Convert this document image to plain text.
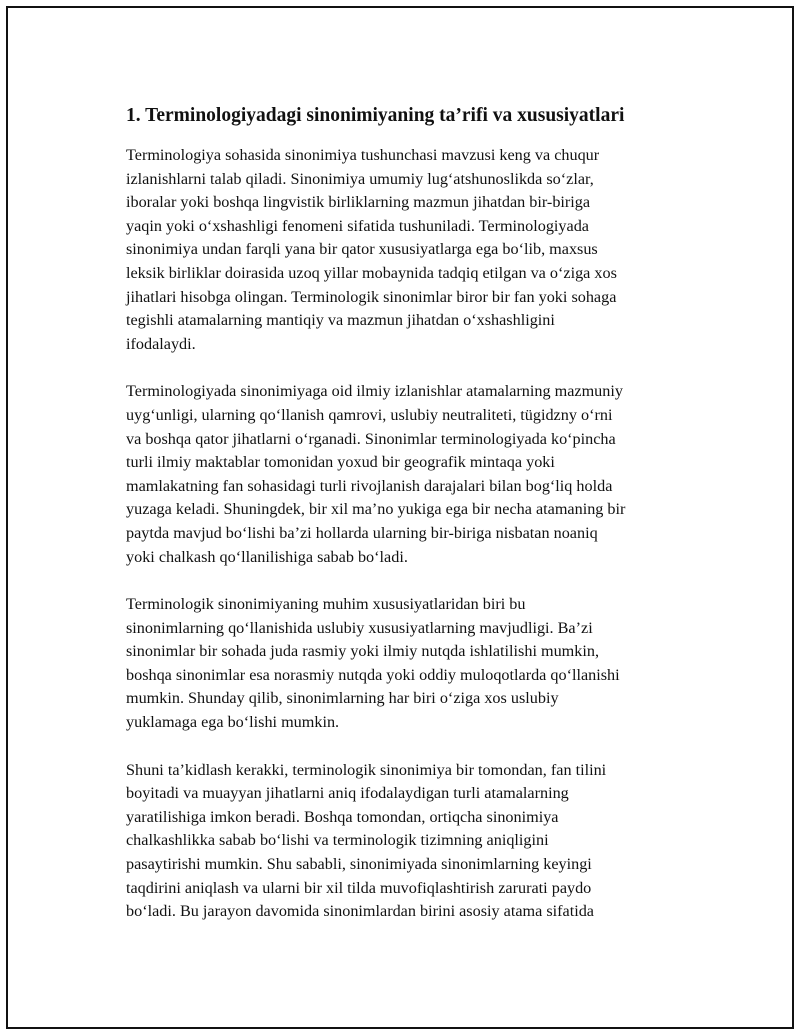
1. Terminologiyadagi sinonimiyaning ta’rifi va xususiyatlari

Terminologiya sohasida sinonimiya tushunchasi mavzusi keng va chuqur
izlanishlarni talab qiladi. Sinonimiya umumiy lug‘atshunoslikda so‘zlar,
iboralar yoki boshqa lingvistik birliklarning mazmun jihatdan bir-biriga
yaqin yoki o‘xshashligi fenomeni sifatida tushuniladi. Terminologiyada
sinonimiya undan farqli yana bir qator xususiyatlarga ega bo‘lib, maxsus
leksik birliklar doirasida uzoq yillar mobaynida tadqiq etilgan va o‘ziga xos
jihatlari hisobga olingan. Terminologik sinonimlar biror bir fan yoki sohaga
tegishli atamalarning mantiqiy va mazmun jihatdan o‘xshashligini
ifodalaydi.

Terminologiyada sinonimiyaga oid ilmiy izlanishlar atamalarning mazmuniy
uyg‘unligi, ularning qo‘llanish qamrovi, uslubiy neutraliteti, tügidzny o‘rni
va boshqa qator jihatlarni o‘rganadi. Sinonimlar terminologiyada ko‘pincha
turli ilmiy maktablar tomonidan yoxud bir geografik mintaqa yoki
mamlakatning fan sohasidagi turli rivojlanish darajalari bilan bog‘liq holda
yuzaga keladi. Shuningdek, bir xil ma’no yukiga ega bir necha atamaning bir
paytda mavjud bo‘lishi ba’zi hollarda ularning bir-biriga nisbatan noaniq
yoki chalkash qo‘llanilishiga sabab bo‘ladi.

Terminologik sinonimiyaning muhim xususiyatlaridan biri bu
sinonimlarning qo‘llanishida uslubiy xususiyatlarning mavjudligi. Ba’zi
sinonimlar bir sohada juda rasmiy yoki ilmiy nutqda ishlatilishi mumkin,
boshqa sinonimlar esa norasmiy nutqda yoki oddiy muloqotlarda qo‘llanishi
mumkin. Shunday qilib, sinonimlarning har biri o‘ziga xos uslubiy
yuklamaga ega bo‘lishi mumkin.

Shuni ta’kidlash kerakki, terminologik sinonimiya bir tomondan, fan tilini
boyitadi va muayyan jihatlarni aniq ifodalaydigan turli atamalarning
yaratilishiga imkon beradi. Boshqa tomondan, ortiqcha sinonimiya
chalkashlikka sabab bo‘lishi va terminologik tizimning aniqligini
pasaytirishi mumkin. Shu sababli, sinonimiyada sinonimlarning keyingi
taqdirini aniqlash va ularni bir xil tilda muvofiqlashtirish zarurati paydo
bo‘ladi. Bu jarayon davomida sinonimlardan birini asosiy atama sifatida
